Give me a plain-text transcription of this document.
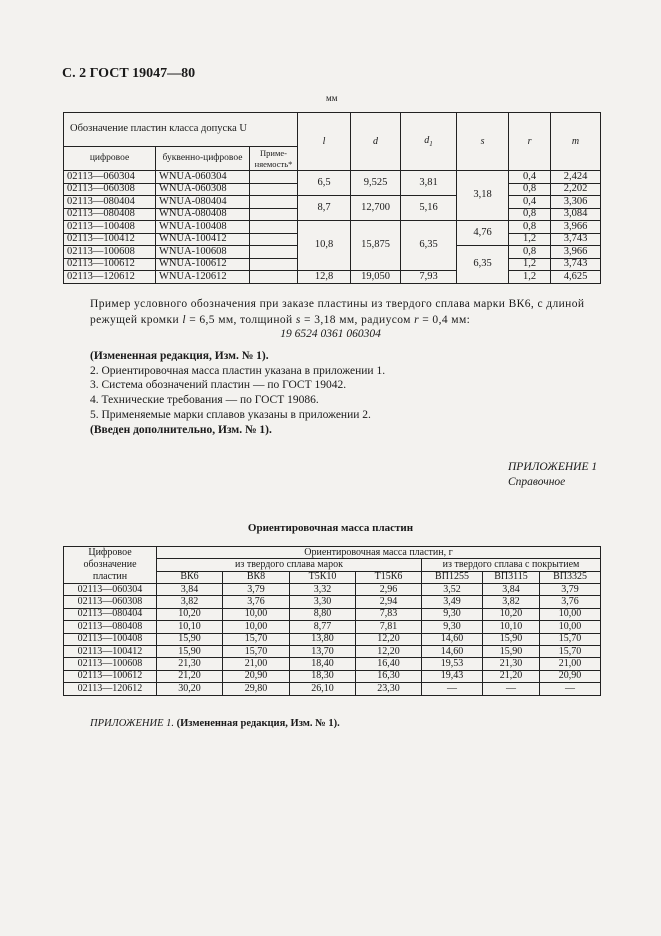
С. 2 ГОСТ 19047—80
мм
Обозначение пластин класса допуска U			l	d	$d_1$	s	r	m
цифровое	буквенно-цифровое	Приме-
няемость*						
02113—060304	WNUA-060304		6,5	9,525	3,81	3,18	0,4	2,424
02113—060308	WNUA-060308						0,8	2,202
02113—080404	WNUA-080404		8,7	12,700	5,16		0,4	3,306
02113—080408	WNUA-080408						0,8	3,084
02113—100408	WNUA-100408		10,8	15,875	6,35	4,76	0,8	3,966
02113—100412	WNUA-100412						1,2	3,743
02113—100608	WNUA-100608					6,35	0,8	3,966
02113—100612	WNUA-100612						1,2	3,743
02113—120612	WNUA-120612		12,8	19,050	7,93		1,2	4,625
Пример условного обозначения при заказе пластины из твердого сплава марки ВК6, с длиной режущей кромки l = 6,5 мм, толщиной s = 3,18 мм, радиусом r = 0,4 мм:
19 6524 0361 060304
(Измененная редакция, Изм. № 1).
2. Ориентировочная масса пластин указана в приложении 1.
3. Система обозначений пластин — по ГОСТ 19042.
4. Технические требования — по ГОСТ 19086.
5. Применяемые марки сплавов указаны в приложении 2.
(Введен дополнительно, Изм. № 1).
ПРИЛОЖЕНИЕ 1
Справочное
Ориентировочная масса пластин
Цифровое
обозначение
пластин	Ориентировочная масса пластин, г						
	из твердого сплава марок				из твердого сплава с покрытием		
	ВК6	ВК8	Т5К10	Т15К6	ВП1255	ВП3115	ВП3325
02113—060304	3,84	3,79	3,32	2,96	3,52	3,84	3,79
02113—060308	3,82	3,76	3,30	2,94	3,49	3,82	3,76
02113—080404	10,20	10,00	8,80	7,83	9,30	10,20	10,00
02113—080408	10,10	10,00	8,77	7,81	9,30	10,10	10,00
02113—100408	15,90	15,70	13,80	12,20	14,60	15,90	15,70
02113—100412	15,90	15,70	13,70	12,20	14,60	15,90	15,70
02113—100608	21,30	21,00	18,40	16,40	19,53	21,30	21,00
02113—100612	21,20	20,90	18,30	16,30	19,43	21,20	20,90
02113—120612	30,20	29,80	26,10	23,30	—	—	—
ПРИЛОЖЕНИЕ 1. (Измененная редакция, Изм. № 1).
